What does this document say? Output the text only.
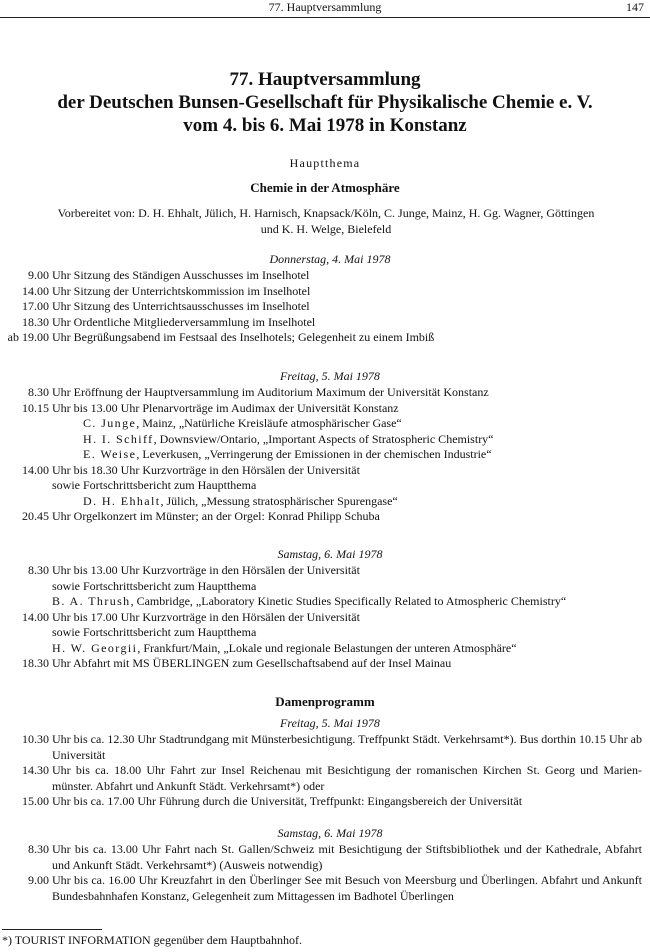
77. Hauptversammlung	147
77. Hauptversammlung
der Deutschen Bunsen-Gesellschaft für Physikalische Chemie e. V.
vom 4. bis 6. Mai 1978 in Konstanz
Hauptthema
Chemie in der Atmosphäre
Vorbereitet von: D. H. Ehhalt, Jülich, H. Harnisch, Knapsack/Köln, C. Junge, Mainz, H. Gg. Wagner, Göttingen
und K. H. Welge, Bielefeld
Donnerstag, 4. Mai 1978
9.00 Uhr Sitzung des Ständigen Ausschusses im Inselhotel
14.00 Uhr Sitzung der Unterrichtskommission im Inselhotel
17.00 Uhr Sitzung des Unterrichtsausschusses im Inselhotel
18.30 Uhr Ordentliche Mitgliederversammlung im Inselhotel
ab 19.00 Uhr Begrüßungsabend im Festsaal des Inselhotels; Gelegenheit zu einem Imbiß
Freitag, 5. Mai 1978
8.30 Uhr Eröffnung der Hauptversammlung im Auditorium Maximum der Universität Konstanz
10.15 Uhr bis 13.00 Uhr Plenarvorträge im Audimax der Universität Konstanz
C. Junge, Mainz, „Natürliche Kreisläufe atmosphärischer Gase“
H. I. Schiff, Downsview/Ontario, „Important Aspects of Stratospheric Chemistry“
E. Weise, Leverkusen, „Verringerung der Emissionen in der chemischen Industrie“
14.00 Uhr bis 18.30 Uhr Kurzvorträge in den Hörsälen der Universität
sowie Fortschrittsbericht zum Hauptthema
D. H. Ehhalt, Jülich, „Messung stratosphärischer Spurengase“
20.45 Uhr Orgelkonzert im Münster; an der Orgel: Konrad Philipp Schuba
Samstag, 6. Mai 1978
8.30 Uhr bis 13.00 Uhr Kurzvorträge in den Hörsälen der Universität
sowie Fortschrittsbericht zum Hauptthema
B. A. Thrush, Cambridge, „Laboratory Kinetic Studies Specifically Related to Atmospheric Chemistry“
14.00 Uhr bis 17.00 Uhr Kurzvorträge in den Hörsälen der Universität
sowie Fortschrittsbericht zum Hauptthema
H. W. Georgii, Frankfurt/Main, „Lokale und regionale Belastungen der unteren Atmosphäre“
18.30 Uhr Abfahrt mit MS ÜBERLINGEN zum Gesellschaftsabend auf der Insel Mainau
Damenprogramm
Freitag, 5. Mai 1978
10.30 Uhr bis ca. 12.30 Uhr Stadtrundgang mit Münsterbesichtigung. Treffpunkt Städt. Verkehrsamt*). Bus dorthin 10.15 Uhr ab Universität
14.30 Uhr bis ca. 18.00 Uhr Fahrt zur Insel Reichenau mit Besichtigung der romanischen Kirchen St. Georg und Marien-münster. Abfahrt und Ankunft Städt. Verkehrsamt*) oder
15.00 Uhr bis ca. 17.00 Uhr Führung durch die Universität, Treffpunkt: Eingangsbereich der Universität
Samstag, 6. Mai 1978
8.30 Uhr bis ca. 13.00 Uhr Fahrt nach St. Gallen/Schweiz mit Besichtigung der Stiftsbibliothek und der Kathedrale, Abfahrt und Ankunft Städt. Verkehrsamt*) (Ausweis notwendig)
9.00 Uhr bis ca. 16.00 Uhr Kreuzfahrt in den Überlinger See mit Besuch von Meersburg und Überlingen. Abfahrt und Ankunft Bundesbahnhafen Konstanz, Gelegenheit zum Mittagessen im Badhotel Überlingen
*) TOURIST INFORMATION gegenüber dem Hauptbahnhof.
